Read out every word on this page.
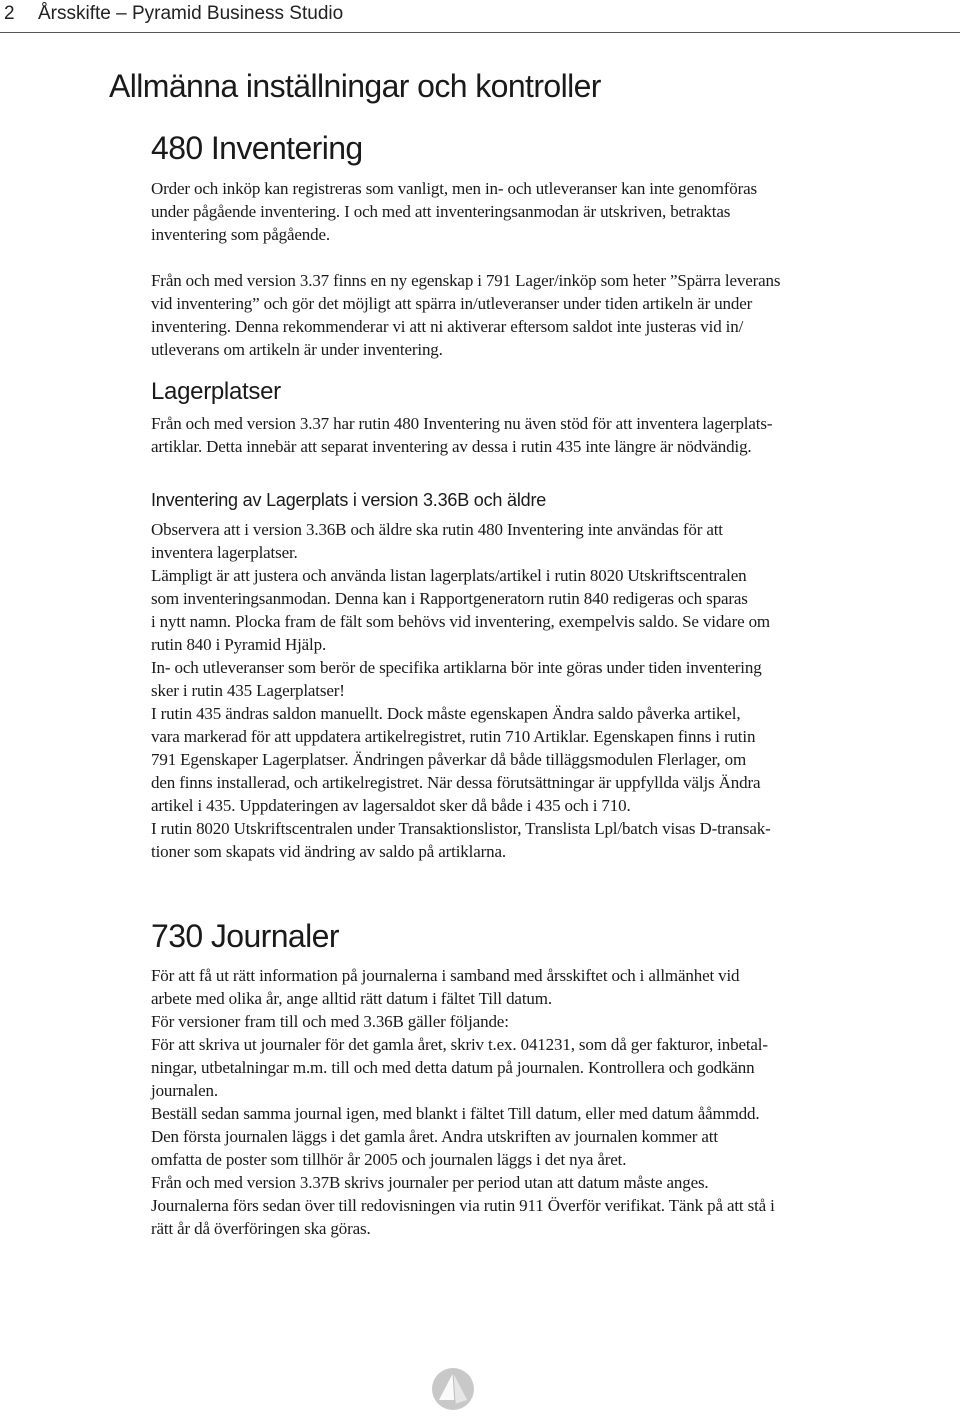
2 Årsskifte – Pyramid Business Studio
Allmänna inställningar och kontroller
480 Inventering

Order och inköp kan registreras som vanligt, men in- och utleveranser kan inte genomföras
under pågående inventering. I och med att inventeringsanmodan är utskriven, betraktas
inventering som pågående.

Från och med version 3.37 finns en ny egenskap i 791 Lager/inköp som heter ”Spärra leverans
vid inventering” och gör det möjligt att spärra in/utleveranser under tiden artikeln är under
inventering. Denna rekommenderar vi att ni aktiverar eftersom saldot inte justeras vid in/
utleverans om artikeln är under inventering.

Lagerplatser

Från och med version 3.37 har rutin 480 Inventering nu även stöd för att inventera lagerplats-
artiklar. Detta innebär att separat inventering av dessa i rutin 435 inte längre är nödvändig.

Inventering av Lagerplats i version 3.36B och äldre

Observera att i version 3.36B och äldre ska rutin 480 Inventering inte användas för att
inventera lagerplatser.
Lämpligt är att justera och använda listan lagerplats/artikel i rutin 8020 Utskriftscentralen
som inventeringsanmodan. Denna kan i Rapportgeneratorn rutin 840 redigeras och sparas
i nytt namn. Plocka fram de fält som behövs vid inventering, exempelvis saldo. Se vidare om
rutin 840 i Pyramid Hjälp.
In- och utleveranser som berör de specifika artiklarna bör inte göras under tiden inventering
sker i rutin 435 Lagerplatser!
I rutin 435 ändras saldon manuellt. Dock måste egenskapen Ändra saldo påverka artikel,
vara markerad för att uppdatera artikelregistret, rutin 710 Artiklar. Egenskapen finns i rutin
791 Egenskaper Lagerplatser. Ändringen påverkar då både tilläggsmodulen Flerlager, om
den finns installerad, och artikelregistret. När dessa förutsättningar är uppfyllda väljs Ändra
artikel i 435. Uppdateringen av lagersaldot sker då både i 435 och i 710.
I rutin 8020 Utskriftscentralen under Transaktionslistor, Translista Lpl/batch visas D-transak-
tioner som skapats vid ändring av saldo på artiklarna.

730 Journaler

För att få ut rätt information på journalerna i samband med årsskiftet och i allmänhet vid
arbete med olika år, ange alltid rätt datum i fältet Till datum.
För versioner fram till och med 3.36B gäller följande:
För att skriva ut journaler för det gamla året, skriv t.ex. 041231, som då ger fakturor, inbetal-
ningar, utbetalningar m.m. till och med detta datum på journalen. Kontrollera och godkänn
journalen.
Beställ sedan samma journal igen, med blankt i fältet Till datum, eller med datum ååmmdd.
Den första journalen läggs i det gamla året. Andra utskriften av journalen kommer att
omfatta de poster som tillhör år 2005 och journalen läggs i det nya året.
Från och med version 3.37B skrivs journaler per period utan att datum måste anges.
Journalerna förs sedan över till redovisningen via rutin 911 Överför verifikat. Tänk på att stå i
rätt år då överföringen ska göras.
